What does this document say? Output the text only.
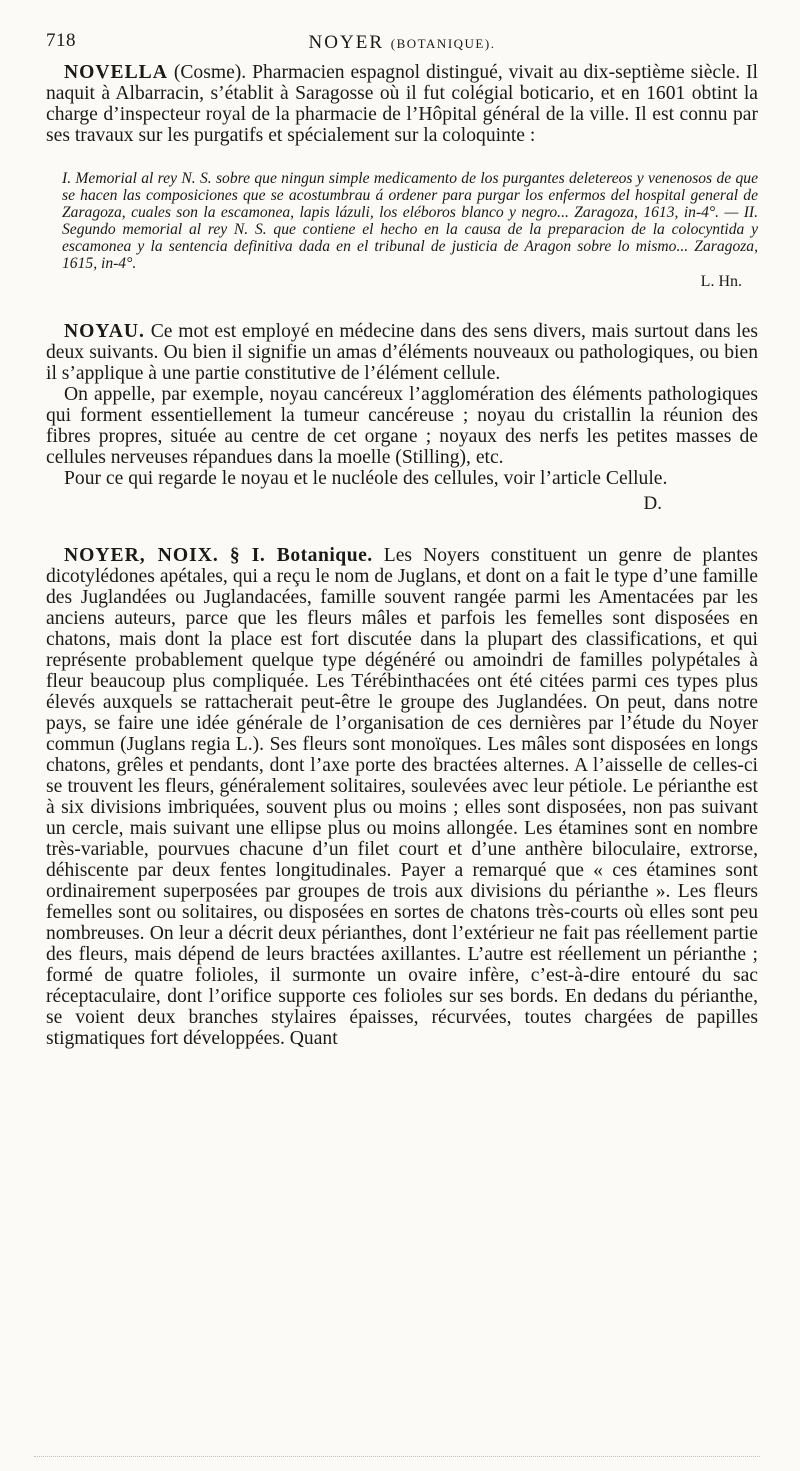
718	NOYER (BOTANIQUE).

NOVELLA (Cosme). Pharmacien espagnol distingué, vivait au dix-septième siècle. Il naquit à Albarracin, s’établit à Saragosse où il fut colégial boticario, et en 1601 obtint la charge d’inspecteur royal de la pharmacie de l’Hôpital général de la ville. Il est connu par ses travaux sur les purgatifs et spécialement sur la coloquinte :

I. Memorial al rey N. S. sobre que ningun simple medicamento de los purgantes deletereos y venenosos de que se hacen las composiciones que se acostumbrau á ordener para purgar los enfermos del hospital general de Zaragoza, cuales son la escamonea, lapis lázuli, los eléboros blanco y negro... Zaragoza, 1613, in-4°. — II. Segundo memorial al rey N. S. que contiene el hecho en la causa de la preparacion de la colocyntida y escamonea y la sentencia definitiva dada en el tribunal de justicia de Aragon sobre lo mismo... Zaragoza, 1615, in-4°.
L. Hn.

NOYAU. Ce mot est employé en médecine dans des sens divers, mais surtout dans les deux suivants. Ou bien il signifie un amas d’éléments nouveaux ou pathologiques, ou bien il s’applique à une partie constitutive de l’élément cellule.

On appelle, par exemple, noyau cancéreux l’agglomération des éléments pathologiques qui forment essentiellement la tumeur cancéreuse ; noyau du cristallin la réunion des fibres propres, située au centre de cet organe ; noyaux des nerfs les petites masses de cellules nerveuses répandues dans la moelle (Stilling), etc.

Pour ce qui regarde le noyau et le nucléole des cellules, voir l’article Cellule.

D.

NOYER, NOIX. § I. Botanique. Les Noyers constituent un genre de plantes dicotylédones apétales, qui a reçu le nom de Juglans, et dont on a fait le type d’une famille des Juglandées ou Juglandacées, famille souvent rangée parmi les Amentacées par les anciens auteurs, parce que les fleurs mâles et parfois les femelles sont disposées en chatons, mais dont la place est fort discutée dans la plupart des classifications, et qui représente probablement quelque type dégénéré ou amoindri de familles polypétales à fleur beaucoup plus compliquée. Les Térébinthacées ont été citées parmi ces types plus élevés auxquels se rattacherait peut-être le groupe des Juglandées. On peut, dans notre pays, se faire une idée générale de l’organisation de ces dernières par l’étude du Noyer commun (Juglans regia L.). Ses fleurs sont monoïques. Les mâles sont disposées en longs chatons, grêles et pendants, dont l’axe porte des bractées alternes. A l’aisselle de celles-ci se trouvent les fleurs, généralement solitaires, soulevées avec leur pétiole. Le périanthe est à six divisions imbriquées, souvent plus ou moins ; elles sont disposées, non pas suivant un cercle, mais suivant une ellipse plus ou moins allongée. Les étamines sont en nombre très-variable, pourvues chacune d’un filet court et d’une anthère biloculaire, extrorse, déhiscente par deux fentes longitudinales. Payer a remarqué que « ces étamines sont ordinairement superposées par groupes de trois aux divisions du périanthe ». Les fleurs femelles sont ou solitaires, ou disposées en sortes de chatons très-courts où elles sont peu nombreuses. On leur a décrit deux périanthes, dont l’extérieur ne fait pas réellement partie des fleurs, mais dépend de leurs bractées axillantes. L’autre est réellement un périanthe ; formé de quatre folioles, il surmonte un ovaire infère, c’est-à-dire entouré du sac réceptaculaire, dont l’orifice supporte ces folioles sur ses bords. En dedans du périanthe, se voient deux branches stylaires épaisses, récurvées, toutes chargées de papilles stigmatiques fort développées. Quant
